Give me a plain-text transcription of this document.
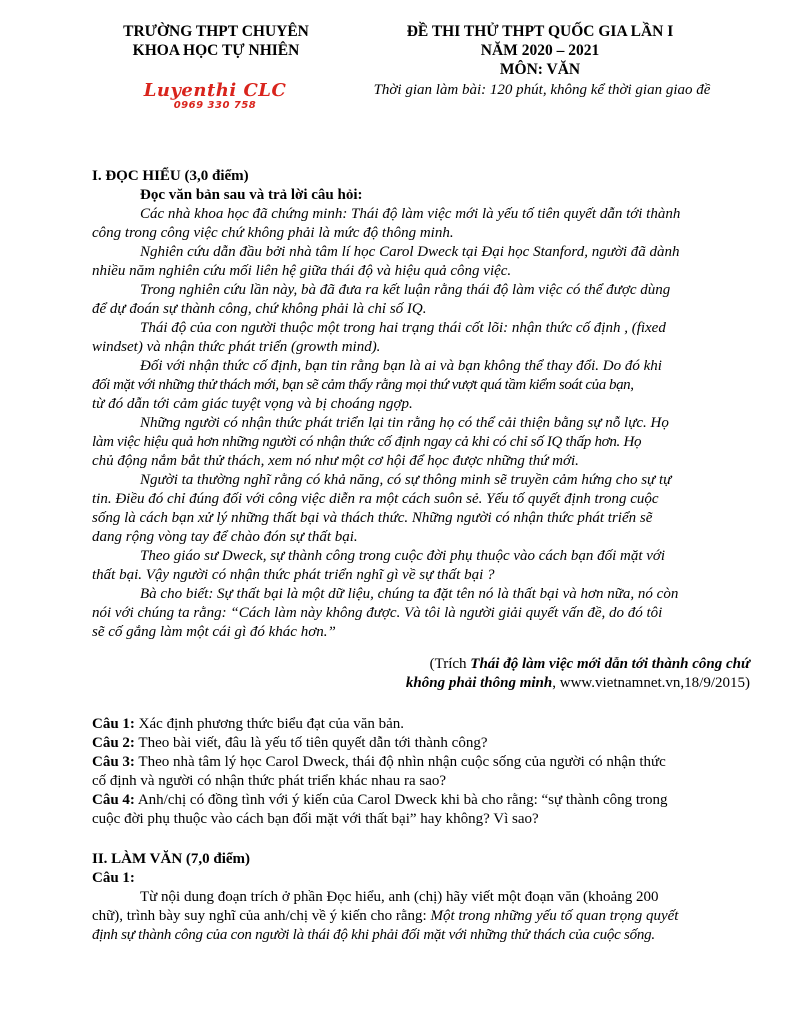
TRƯỜNG THPT CHUYÊN
KHOA HỌC TỰ NHIÊN
ĐỀ THI THỬ THPT QUỐC GIA LẦN I
NĂM 2020 – 2021
MÔN: VĂN
Luyenthi CLC
0969 330 758
Thời gian làm bài: 120 phút, không kể thời gian giao đề
I. ĐỌC HIỂU (3,0 điểm)
Đọc văn bản sau và trả lời câu hỏi:
Các nhà khoa học đã chứng minh: Thái độ làm việc mới là yếu tố tiên quyết dẫn tới thành
công trong công việc chứ không phải là mức độ thông minh.
Nghiên cứu dẫn đầu bởi nhà tâm lí học Carol Dweck tại Đại học Stanford, người đã dành
nhiều năm nghiên cứu mối liên hệ giữa thái độ và hiệu quả công việc.
Trong nghiên cứu lần này, bà đã đưa ra kết luận rằng thái độ làm việc có thể được dùng
để dự đoán sự thành công, chứ không phải là chỉ số IQ.
Thái độ của con người thuộc một trong hai trạng thái cốt lõi: nhận thức cố định , (fixed
windset) và nhận thức phát triển (growth mind).
Đối với nhận thức cố định, bạn tin rằng bạn là ai và bạn không thể thay đổi. Do đó khi
đối mặt với những thử thách mới, bạn sẽ cảm thấy rằng mọi thứ vượt quá tầm kiểm soát của bạn,
từ đó dẫn tới cảm giác tuyệt vọng và bị choáng ngợp.
Những người có nhận thức phát triển lại tin rằng họ có thể cải thiện bằng sự nỗ lực. Họ
làm việc hiệu quả hơn những người có nhận thức cố định ngay cả khi có chỉ số IQ thấp hơn. Họ
chủ động nắm bắt thử thách, xem nó như một cơ hội để học được những thứ mới.
Người ta thường nghĩ rằng có khả năng, có sự thông minh sẽ truyền cảm hứng cho sự tự
tin. Điều đó chỉ đúng đối với công việc diễn ra một cách suôn sẻ. Yếu tố quyết định trong cuộc
sống là cách bạn xử lý những thất bại và thách thức. Những người có nhận thức phát triển sẽ
dang rộng vòng tay để chào đón sự thất bại.
Theo giáo sư Dweck, sự thành công trong cuộc đời phụ thuộc vào cách bạn đối mặt với
thất bại. Vậy người có nhận thức phát triển nghĩ gì về sự thất bại ?
Bà cho biết: Sự thất bại là một dữ liệu, chúng ta đặt tên nó là thất bại và hơn nữa, nó còn
nói với chúng ta rằng: “Cách làm này không được. Và tôi là người giải quyết vấn đề, do đó tôi
sẽ cố gắng làm một cái gì đó khác hơn.”
(Trích Thái độ làm việc mới dẫn tới thành công chứ
không phải thông minh, www.vietnamnet.vn,18/9/2015)
Câu 1: Xác định phương thức biểu đạt của văn bản.
Câu 2: Theo bài viết, đâu là yếu tố tiên quyết dẫn tới thành công?
Câu 3: Theo nhà tâm lý học Carol Dweck, thái độ nhìn nhận cuộc sống của người có nhận thức
cố định và người có nhận thức phát triển khác nhau ra sao?
Câu 4: Anh/chị có đồng tình với ý kiến của Carol Dweck khi bà cho rằng: “sự thành công trong
cuộc đời phụ thuộc vào cách bạn đối mặt với thất bại” hay không? Vì sao?
II. LÀM VĂN (7,0 điểm)
Câu 1:
Từ nội dung đoạn trích ở phần Đọc hiểu, anh (chị) hãy viết một đoạn văn (khoảng 200
chữ), trình bày suy nghĩ của anh/chị về ý kiến cho rằng: Một trong những yếu tố quan trọng quyết
định sự thành công của con người là thái độ khi phải đối mặt với những thử thách của cuộc sống.
